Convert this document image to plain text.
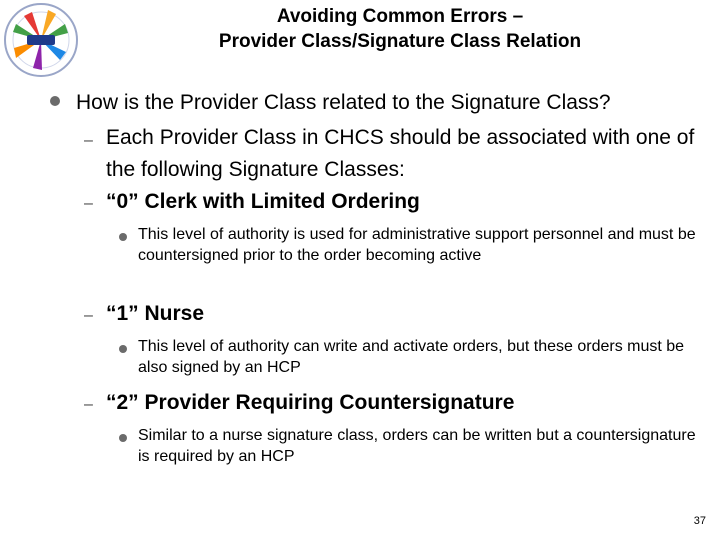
Avoiding Common Errors –
Provider Class/Signature Class Relation
How is the Provider Class related to the Signature Class?
– Each Provider Class in CHCS should be associated with one of the following Signature Classes:
– “0” Clerk with Limited Ordering
This level of authority is used for administrative support personnel and must be countersigned prior to the order becoming active
– “1” Nurse
This level of authority can write and activate orders, but these orders must be also signed by an HCP
– “2” Provider Requiring Countersignature
Similar to a nurse signature class, orders can be written but a countersignature is required by an HCP
37
